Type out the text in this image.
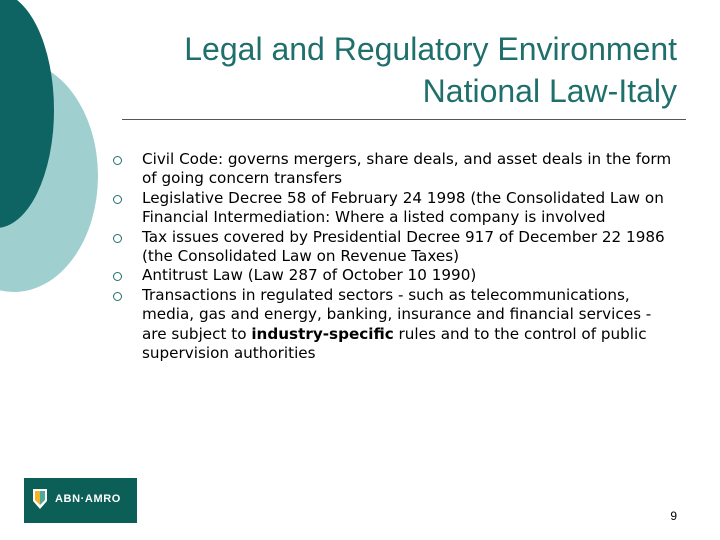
Legal and Regulatory Environment
National Law-Italy
Civil Code: governs mergers, share deals, and asset deals in the form of going concern transfers
Legislative Decree 58 of February 24 1998 (the Consolidated Law on Financial Intermediation: Where a listed company is involved
Tax issues covered by Presidential Decree 917 of December 22 1986 (the Consolidated Law on Revenue Taxes)
Antitrust Law (Law 287 of October 10 1990)
Transactions in regulated sectors - such as telecommunications, media, gas and energy, banking, insurance and financial services - are subject to industry-specific rules and to the control of public supervision authorities
ABN·AMRO
9
